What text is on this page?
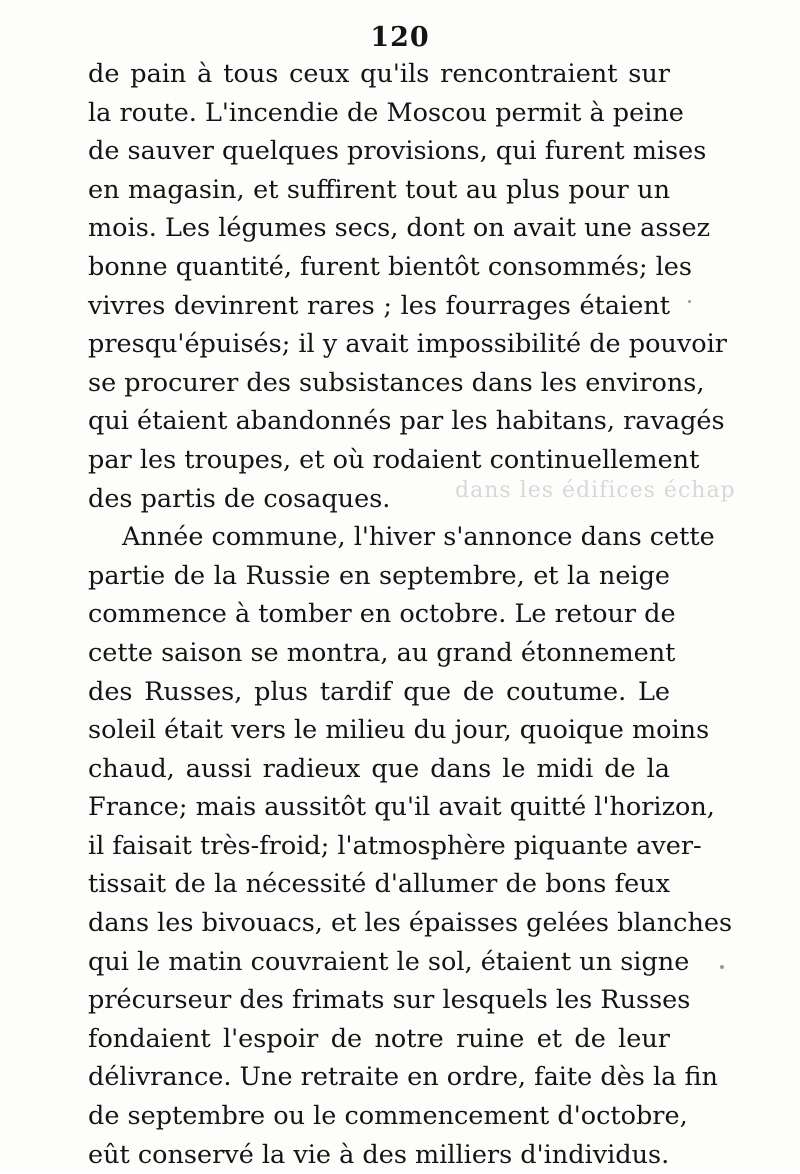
dans les édifices échap
120
de pain à tous ceux qu'ils rencontraient sur
la route. L'incendie de Moscou permit à peine
de sauver quelques provisions, qui furent mises
en magasin, et suffirent tout au plus pour un
mois. Les légumes secs, dont on avait une assez
bonne quantité, furent bientôt consommés; les
vivres devinrent rares ; les fourrages étaient
presqu'épuisés; il y avait impossibilité de pouvoir
se procurer des subsistances dans les environs,
qui étaient abandonnés par les habitans, ravagés
par les troupes, et où rodaient continuellement
des partis de cosaques.
Année commune, l'hiver s'annonce dans cette
partie de la Russie en septembre, et la neige
commence à tomber en octobre. Le retour de
cette saison se montra, au grand étonnement
des Russes, plus tardif que de coutume. Le
soleil était vers le milieu du jour, quoique moins
chaud, aussi radieux que dans le midi de la
France; mais aussitôt qu'il avait quitté l'horizon,
il faisait très-froid; l'atmosphère piquante aver-
tissait de la nécessité d'allumer de bons feux
dans les bivouacs, et les épaisses gelées blanches
qui le matin couvraient le sol, étaient un signe
précurseur des frimats sur lesquels les Russes
fondaient l'espoir de notre ruine et de leur
délivrance. Une retraite en ordre, faite dès la fin
de septembre ou le commencement d'octobre,
eût conservé la vie à des milliers d'individus.
